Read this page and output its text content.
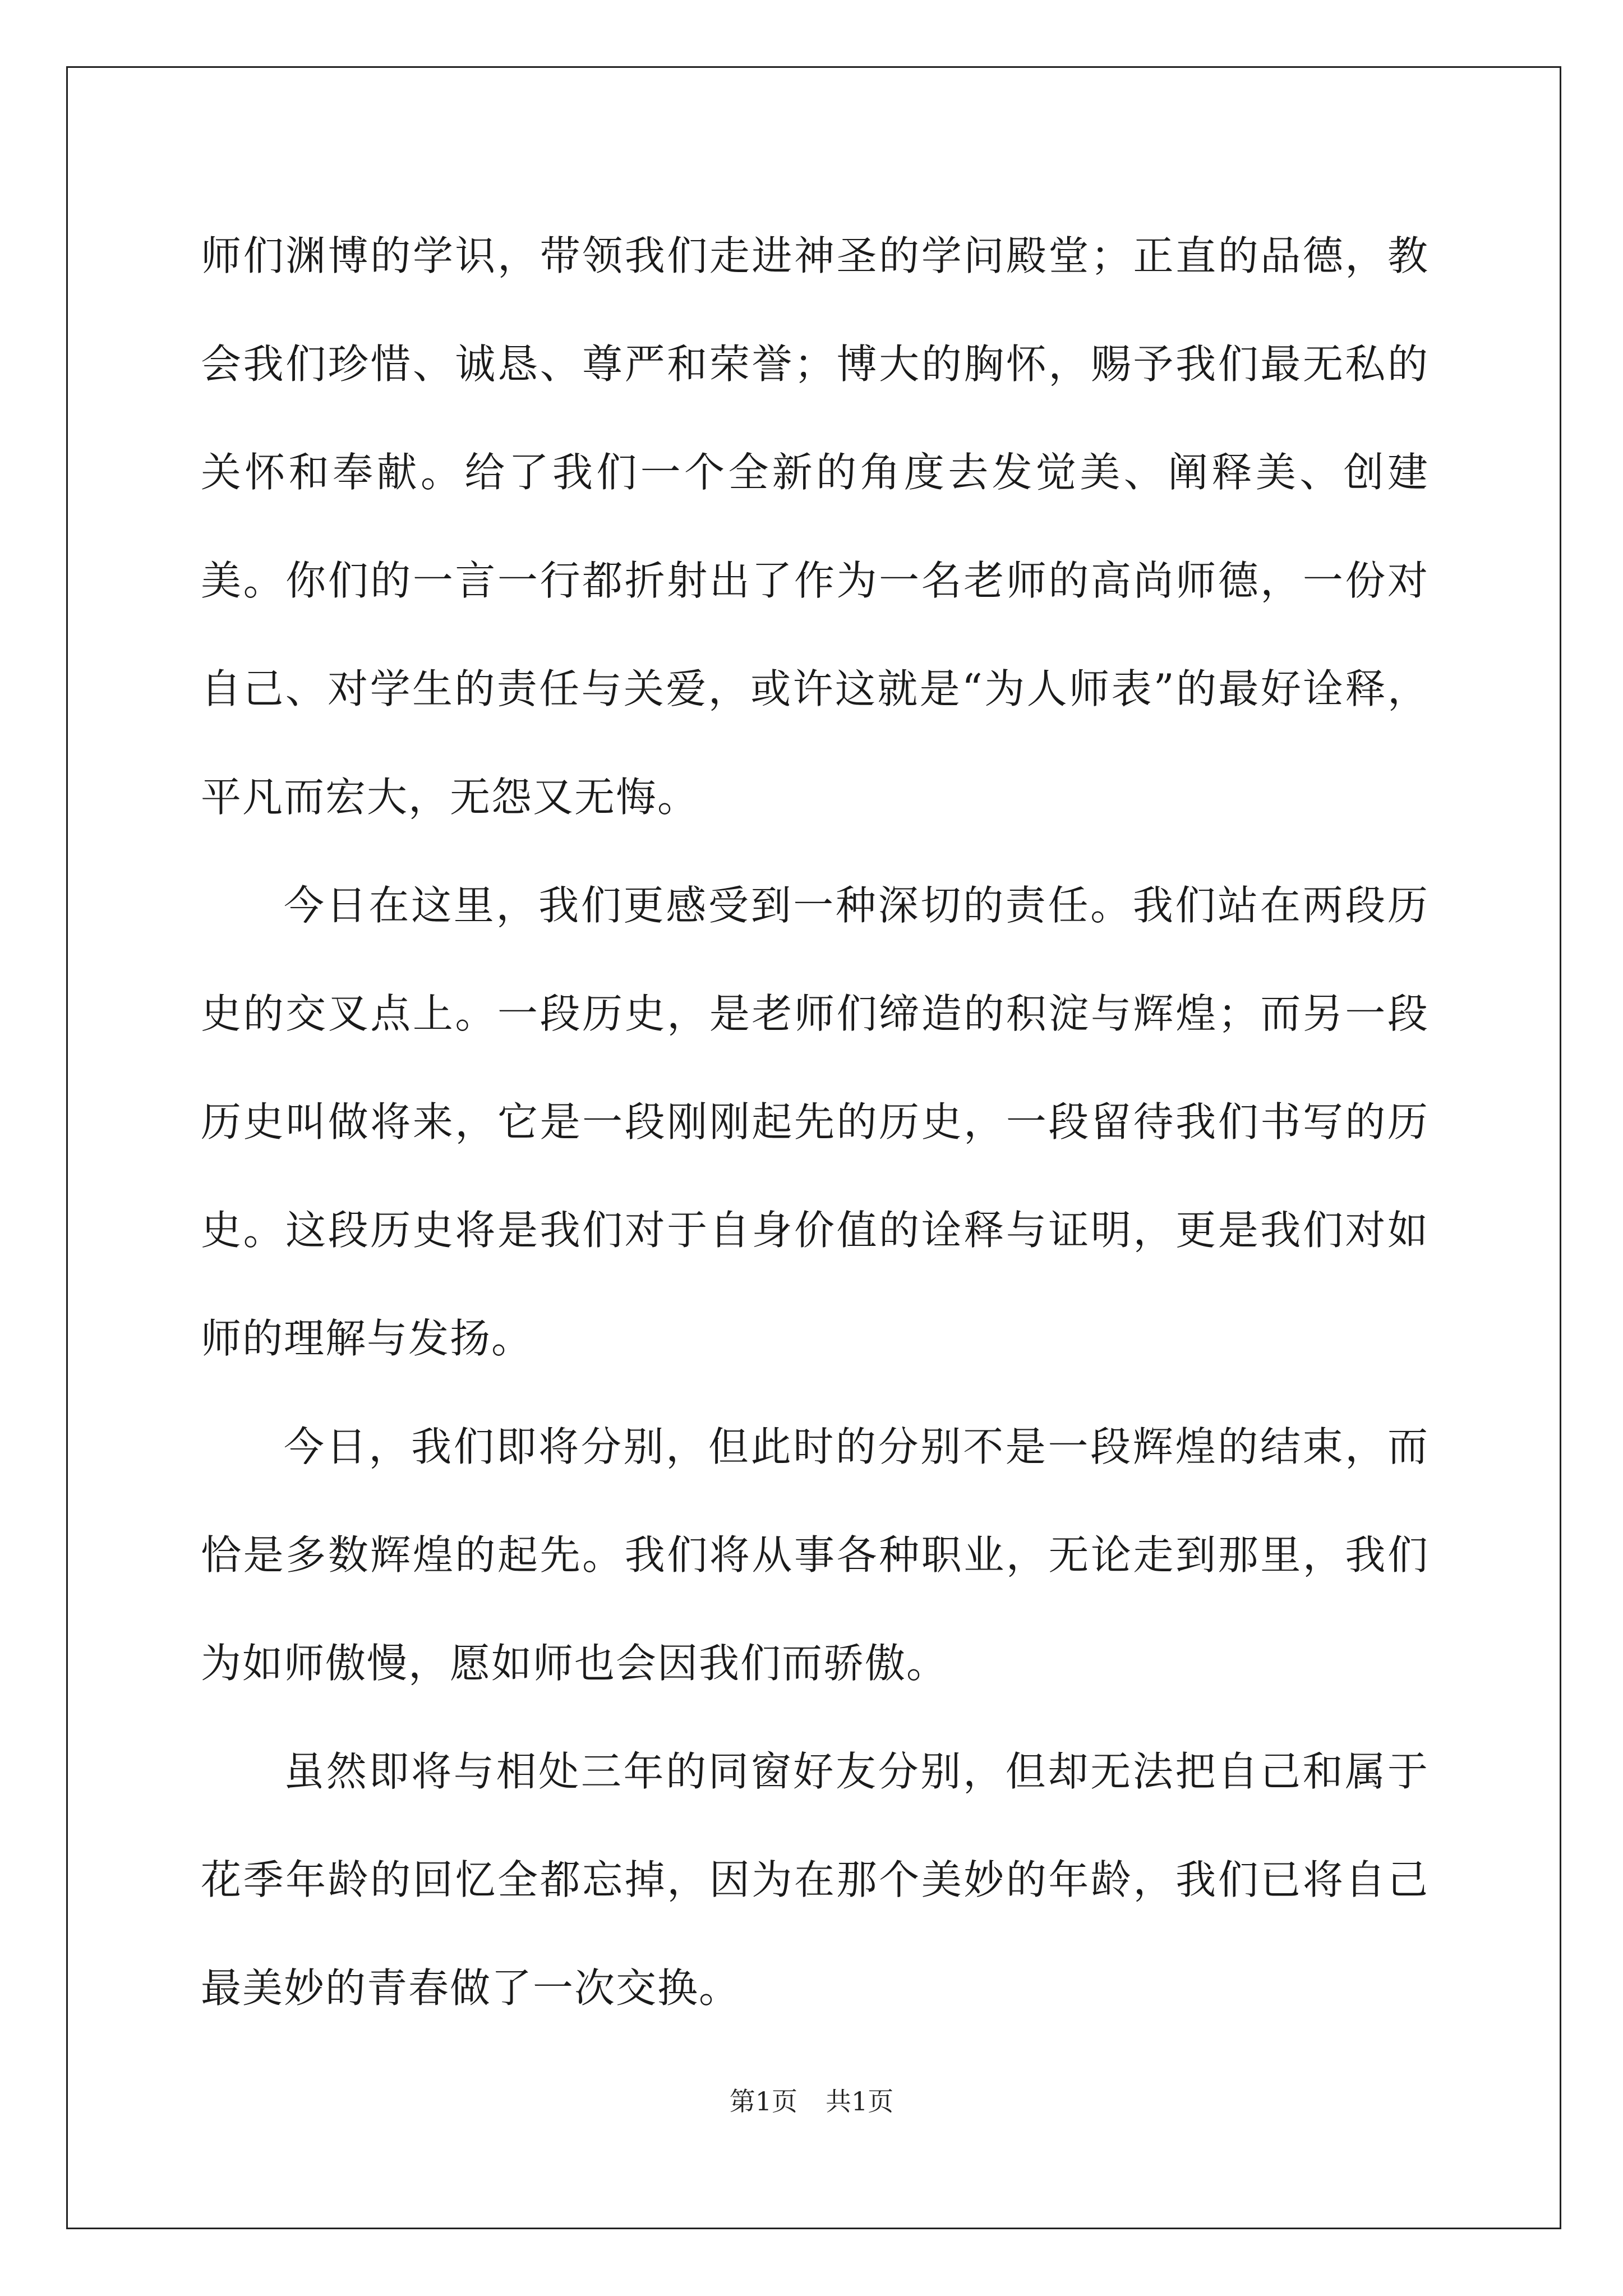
师们渊博的学识，带领我们走进神圣的学问殿堂；正直的品德，教会我们珍惜、诚恳、尊严和荣誉；博大的胸怀，赐予我们最无私的关怀和奉献。给了我们一个全新的角度去发觉美、阐释美、创建美。你们的一言一行都折射出了作为一名老师的高尚师德，一份对自己、对学生的责任与关爱，或许这就是“为人师表”的最好诠释，平凡而宏大，无怨又无悔。

今日在这里，我们更感受到一种深切的责任。我们站在两段历史的交叉点上。一段历史，是老师们缔造的积淀与辉煌；而另一段历史叫做将来，它是一段刚刚起先的历史，一段留待我们书写的历史。这段历史将是我们对于自身价值的诠释与证明，更是我们对如师的理解与发扬。

今日，我们即将分别，但此时的分别不是一段辉煌的结束，而恰是多数辉煌的起先。我们将从事各种职业，无论走到那里，我们为如师傲慢，愿如师也会因我们而骄傲。

虽然即将与相处三年的同窗好友分别，但却无法把自己和属于花季年龄的回忆全都忘掉，因为在那个美妙的年龄，我们已将自己最美妙的青春做了一次交换。

第1页 共1页
